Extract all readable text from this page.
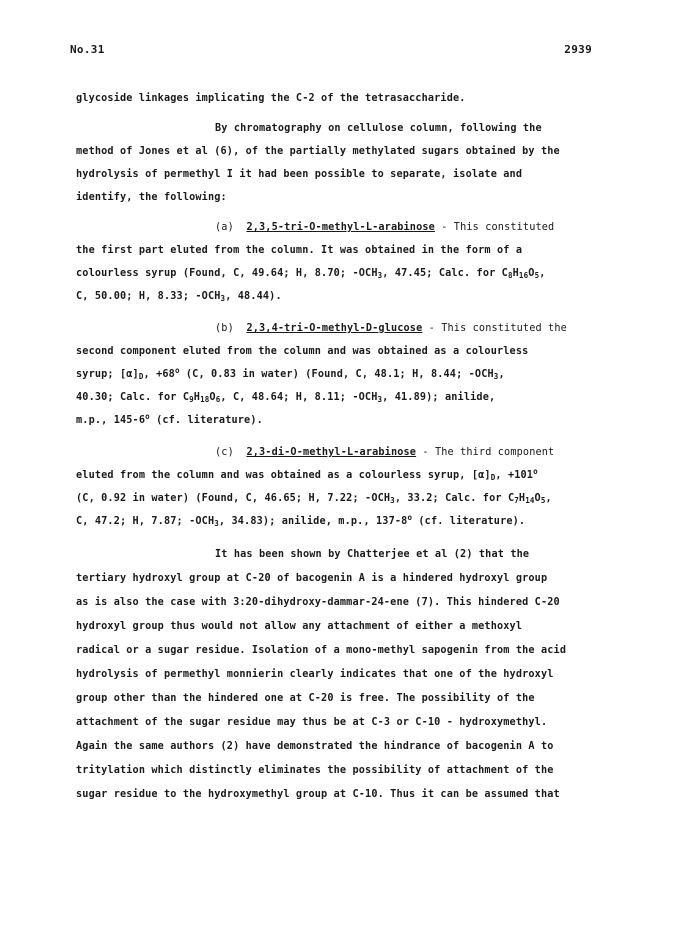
No.31	2939
glycoside linkages implicating the C-2 of the tetrasaccharide.
By chromatography on cellulose column, following the
method of Jones et al (6), of the partially methylated sugars obtained by the
hydrolysis of permethyl I it had been possible to separate, isolate and
identify, the following:
(a) 2,3,5-tri-O-methyl-L-arabinose - This constituted
the first part eluted from the column. It was obtained in the form of a
colourless syrup (Found, C, 49.64; H, 8.70; $-OCH_3$, 47.45; Calc. for $C_8H_{16}O_5$,
C, 50.00; H, 8.33; $-OCH_3$, 48.44).
(b) 2,3,4-tri-O-methyl-D-glucose - This constituted the
second component eluted from the column and was obtained as a colourless
syrup; $[\alpha]_D$, $+68^o$ (C, 0.83 in water) (Found, C, 48.1; H, 8.44; $-OCH_3$,
40.30; Calc. for $C_9H_{18}O_6$, C, 48.64; H, 8.11; $-OCH_3$, 41.89); anilide,
m.p., 145-6$^o$ (cf. literature).
(c) 2,3-di-O-methyl-L-arabinose - The third component
eluted from the column and was obtained as a colourless syrup, $[\alpha]_D$, $+101^o$
(C, 0.92 in water) (Found, C, 46.65; H, 7.22; $-OCH_3$, 33.2; Calc. for $C_7H_{14}O_5$,
C, 47.2; H, 7.87; $-OCH_3$, 34.83); anilide, m.p., 137-8$^o$ (cf. literature).
It has been shown by Chatterjee et al (2) that the
tertiary hydroxyl group at C-20 of bacogenin A is a hindered hydroxyl group
as is also the case with 3:20-dihydroxy-dammar-24-ene (7). This hindered C-20
hydroxyl group thus would not allow any attachment of either a methoxyl
radical or a sugar residue. Isolation of a mono-methyl sapogenin from the acid
hydrolysis of permethyl monnierin clearly indicates that one of the hydroxyl
group other than the hindered one at C-20 is free. The possibility of the
attachment of the sugar residue may thus be at C-3 or C-10 - hydroxymethyl.
Again the same authors (2) have demonstrated the hindrance of bacogenin A to
tritylation which distinctly eliminates the possibility of attachment of the
sugar residue to the hydroxymethyl group at C-10. Thus it can be assumed that
